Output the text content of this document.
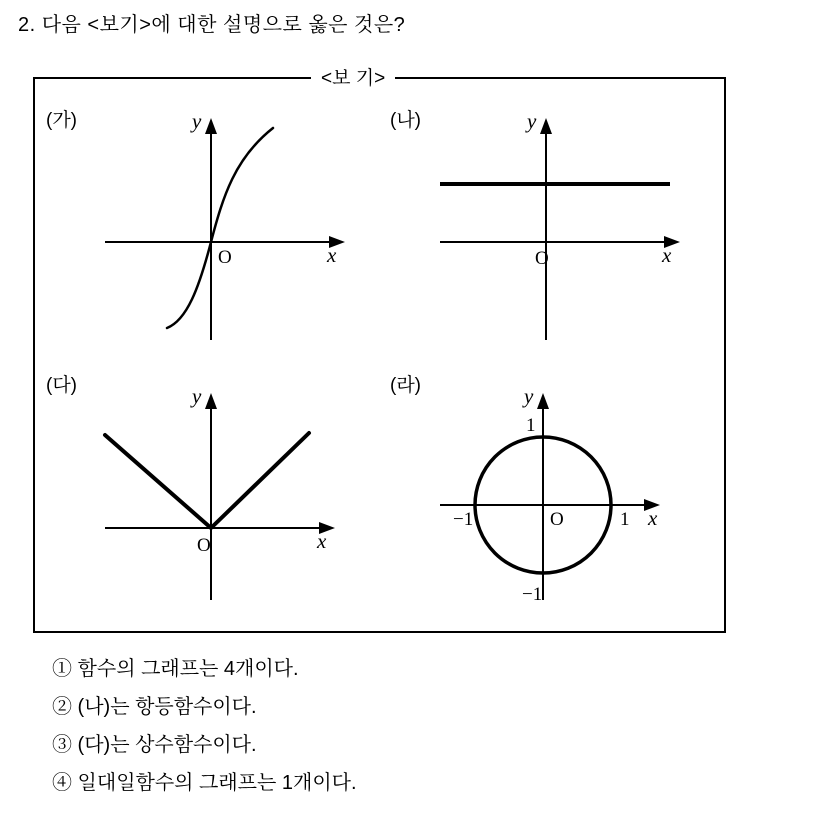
2. 다음 <보기>에 대한 설명으로 옳은 것은?
<보 기>
(가)	y
x
O
(나)	y
x
O
(다)	y
x
O
(라)	y
x
O
1
−1
−1	1
① 함수의 그래프는 4개이다.
② (나)는 항등함수이다.
③ (다)는 상수함수이다.
④ 일대일함수의 그래프는 1개이다.
